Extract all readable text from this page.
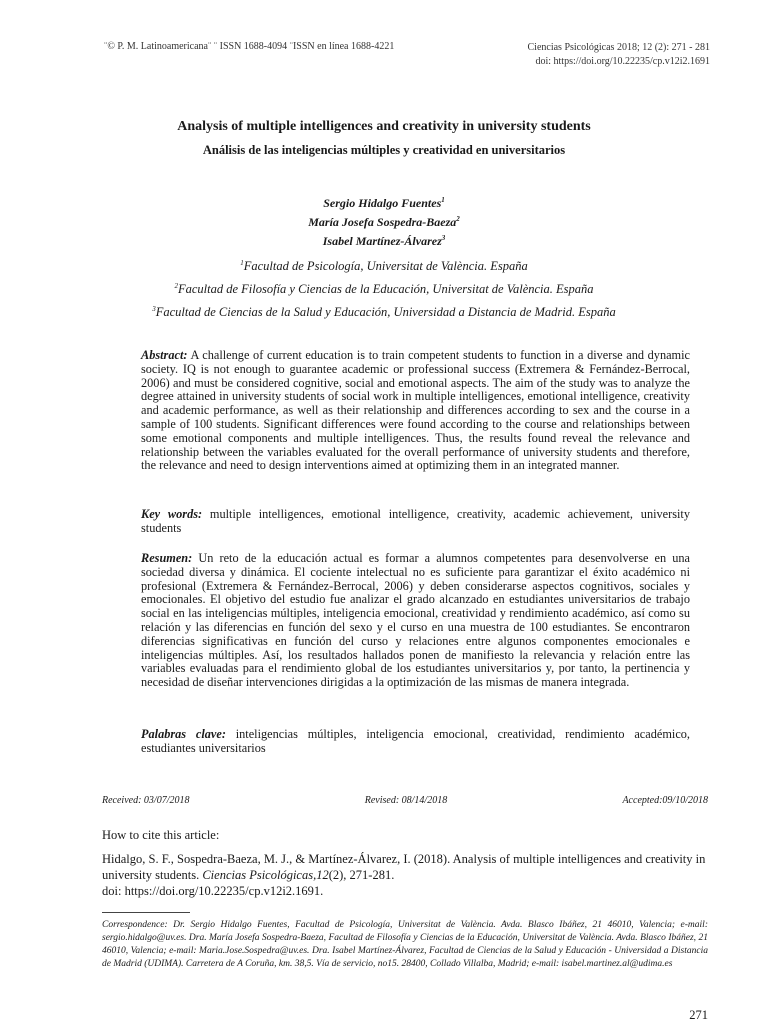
¨© P. M. Latinoamericana¨ ¨ ISSN 1688-4094 ¨ISSN en línea 1688-4221	Ciencias Psicológicas 2018; 12 (2): 271 - 281
doi: https://doi.org/10.22235/cp.v12i2.1691
Analysis of multiple intelligences and creativity in university students
Análisis de las inteligencias múltiples y creatividad en universitarios
Sergio Hidalgo Fuentes$^1$
María Josefa Sospedra-Baeza$^2$
Isabel Martínez-Álvarez$^3$
$^1$Facultad de Psicología, Universitat de València. España
$^2$Facultad de Filosofía y Ciencias de la Educación, Universitat de València. España
$^3$Facultad de Ciencias de la Salud y Educación, Universidad a Distancia de Madrid. España
Abstract: A challenge of current education is to train competent students to function in a diverse and dynamic society. IQ is not enough to guarantee academic or professional success (Extremera & Fernández-Berrocal, 2006) and must be considered cognitive, social and emotional aspects. The aim of the study was to analyze the degree attained in university students of social work in multiple intelligences, emotional intelligence, creativity and academic performance, as well as their relationship and differences according to sex and the course in a sample of 100 students. Significant differences were found according to the course and relationships between some emotional components and multiple intelligences. Thus, the results found reveal the relevance and relationship between the variables evaluated for the overall performance of university students and therefore, the relevance and need to design interventions aimed at optimizing them in an integrated manner.
Key words: multiple intelligences, emotional intelligence, creativity, academic achievement, university students
Resumen: Un reto de la educación actual es formar a alumnos competentes para desenvolverse en una sociedad diversa y dinámica. El cociente intelectual no es suficiente para garantizar el éxito académico ni profesional (Extremera & Fernández-Berrocal, 2006) y deben considerarse aspectos cognitivos, sociales y emocionales. El objetivo del estudio fue analizar el grado alcanzado en estudiantes universitarios de trabajo social en las inteligencias múltiples, inteligencia emocional, creatividad y rendimiento académico, así como su relación y las diferencias en función del sexo y el curso en una muestra de 100 estudiantes. Se encontraron diferencias significativas en función del curso y relaciones entre algunos componentes emocionales e inteligencias múltiples. Así, los resultados hallados ponen de manifiesto la relevancia y relación entre las variables evaluadas para el rendimiento global de los estudiantes universitarios y, por tanto, la pertinencia y necesidad de diseñar intervenciones dirigidas a la optimización de las mismas de manera integrada.
Palabras clave: inteligencias múltiples, inteligencia emocional, creatividad, rendimiento académico, estudiantes universitarios
Received: 03/07/2018	Revised: 08/14/2018	Accepted:09/10/2018
How to cite this article:
Hidalgo, S. F., Sospedra-Baeza, M. J., & Martínez-Álvarez, I. (2018). Analysis of multiple intelligences and creativity in university students. Ciencias Psicológicas,12(2), 271-281.
doi: https://doi.org/10.22235/cp.v12i2.1691.
Correspondence: Dr. Sergio Hidalgo Fuentes, Facultad de Psicología, Universitat de València. Avda. Blasco Ibáñez, 21 46010, Valencia; e-mail: sergio.hidalgo@uv.es. Dra. María Josefa Sospedra-Baeza, Facultad de Filosofía y Ciencias de la Educación, Universitat de València. Avda. Blasco Ibáñez, 21 46010, Valencia; e-mail: Maria.Jose.Sospedra@uv.es. Dra. Isabel Martínez-Álvarez, Facultad de Ciencias de la Salud y Educación - Universidad a Distancia de Madrid (UDIMA). Carretera de A Coruña, km. 38,5. Vía de servicio, no15. 28400, Collado Villalba, Madrid; e-mail: isabel.martinez.al@udima.es
271
